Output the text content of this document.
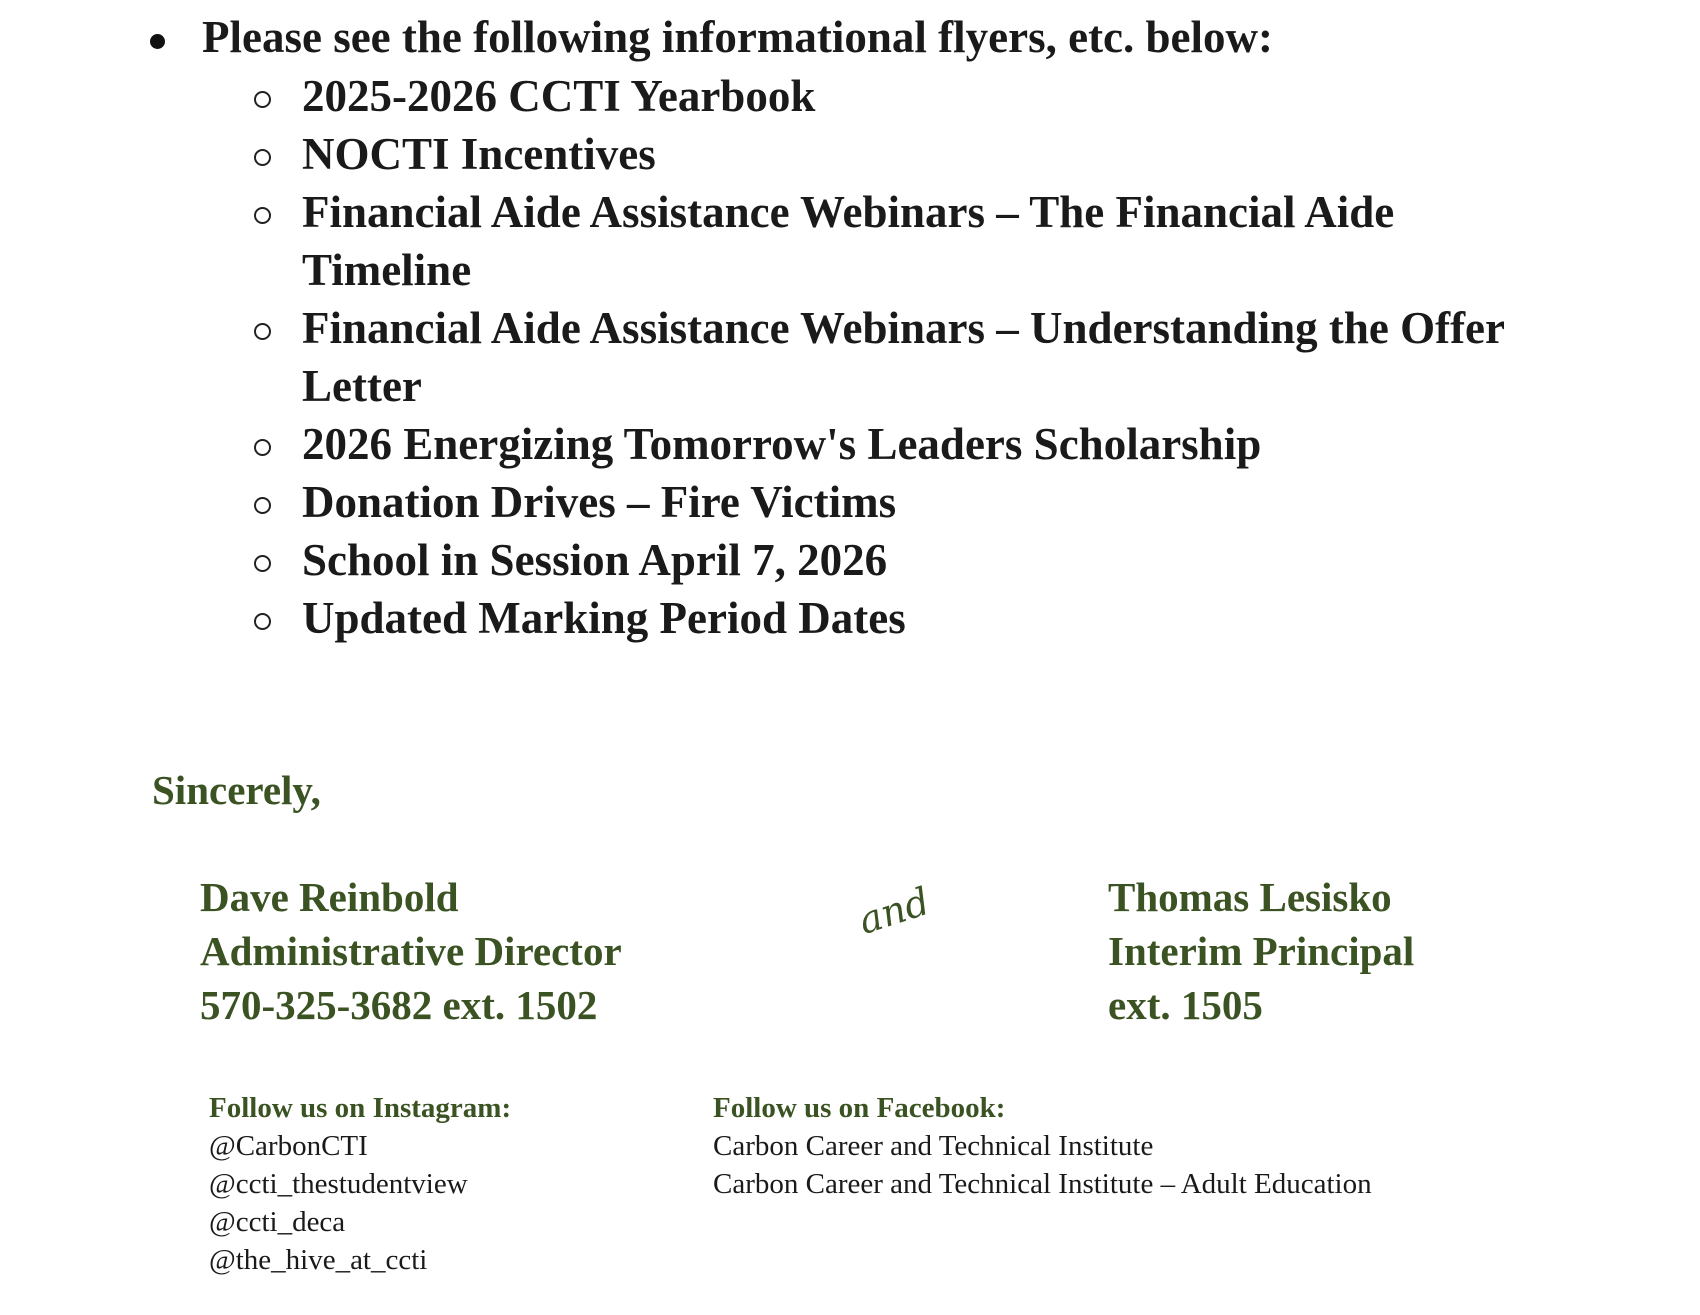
Please see the following informational flyers, etc. below:
2025-2026 CCTI Yearbook
NOCTI Incentives
Financial Aide Assistance Webinars – The Financial Aide Timeline
Financial Aide Assistance Webinars – Understanding the Offer Letter
2026 Energizing Tomorrow's Leaders Scholarship
Donation Drives – Fire Victims
School in Session April 7, 2026
Updated Marking Period Dates
Sincerely,
Dave Reinbold
Administrative Director
570-325-3682 ext. 1502
and	Thomas Lesisko
Interim Principal
ext. 1505
Follow us on Instagram:
@CarbonCTI
@ccti_thestudentview
@ccti_deca
@the_hive_at_ccti
Follow us on Facebook:
Carbon Career and Technical Institute
Carbon Career and Technical Institute – Adult Education
